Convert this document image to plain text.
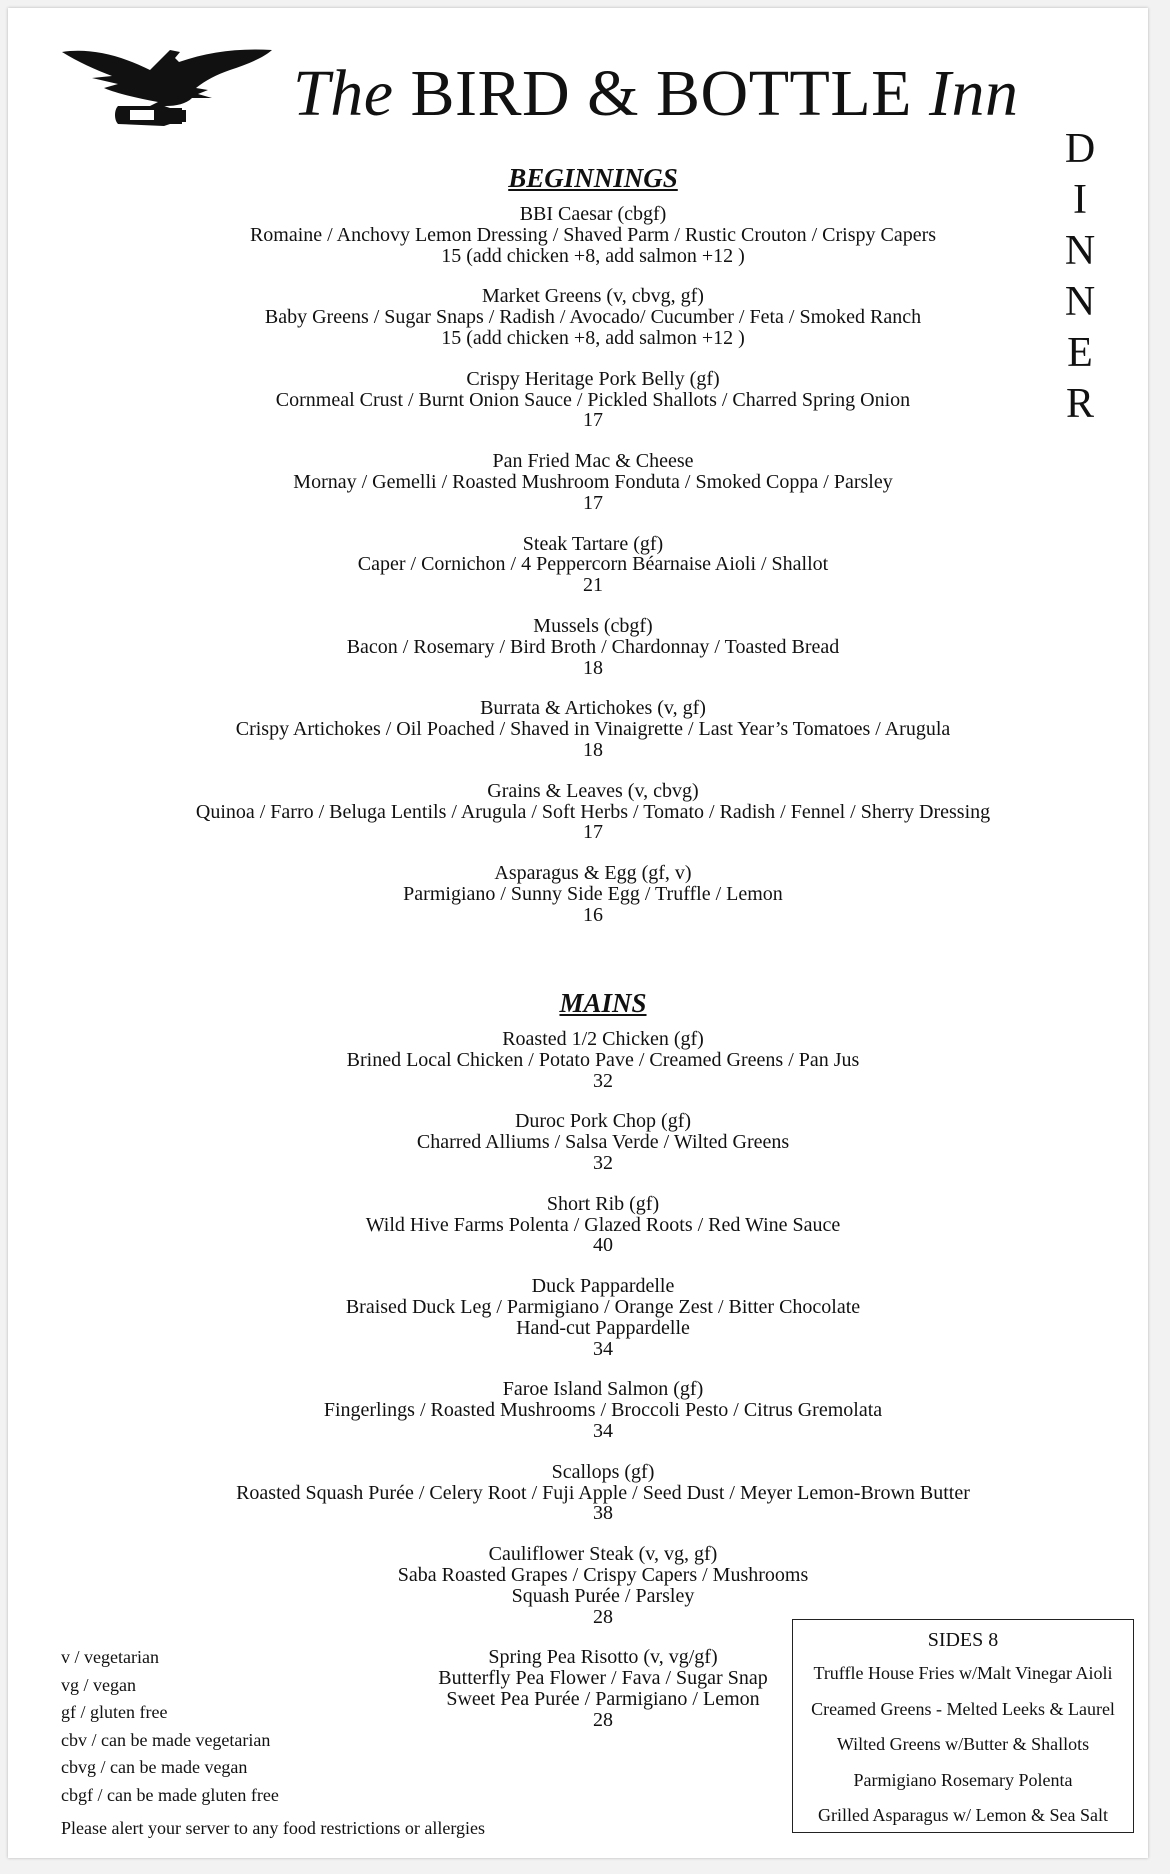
The BIRD & BOTTLE Inn
D
I
N
N
E
R
BEGINNINGS
BBI Caesar (cbgf)
Romaine / Anchovy Lemon Dressing / Shaved Parm / Rustic Crouton / Crispy Capers
15 (add chicken +8, add salmon +12 )
Market Greens (v, cbvg, gf)
Baby Greens / Sugar Snaps / Radish / Avocado/ Cucumber / Feta / Smoked Ranch
15 (add chicken +8, add salmon +12 )
Crispy Heritage Pork Belly (gf)
Cornmeal Crust / Burnt Onion Sauce / Pickled Shallots / Charred Spring Onion
17
Pan Fried Mac & Cheese
Mornay / Gemelli / Roasted Mushroom Fonduta / Smoked Coppa / Parsley
17
Steak Tartare (gf)
Caper / Cornichon / 4 Peppercorn Béarnaise Aioli / Shallot
21
Mussels (cbgf)
Bacon / Rosemary / Bird Broth / Chardonnay / Toasted Bread
18
Burrata & Artichokes (v, gf)
Crispy Artichokes / Oil Poached / Shaved in Vinaigrette / Last Year’s Tomatoes / Arugula
18
Grains & Leaves (v, cbvg)
Quinoa / Farro / Beluga Lentils / Arugula / Soft Herbs / Tomato / Radish / Fennel / Sherry Dressing
17
Asparagus & Egg (gf, v)
Parmigiano / Sunny Side Egg / Truffle / Lemon
16
MAINS
Roasted 1/2 Chicken (gf)
Brined Local Chicken / Potato Pave / Creamed Greens / Pan Jus
32
Duroc Pork Chop (gf)
Charred Alliums / Salsa Verde / Wilted Greens
32
Short Rib (gf)
Wild Hive Farms Polenta / Glazed Roots / Red Wine Sauce
40
Duck Pappardelle
Braised Duck Leg / Parmigiano / Orange Zest / Bitter Chocolate
Hand-cut Pappardelle
34
Faroe Island Salmon (gf)
Fingerlings / Roasted Mushrooms / Broccoli Pesto / Citrus Gremolata
34
Scallops (gf)
Roasted Squash Purée / Celery Root / Fuji Apple / Seed Dust / Meyer Lemon-Brown Butter
38
Cauliflower Steak (v, vg, gf)
Saba Roasted Grapes / Crispy Capers / Mushrooms
Squash Purée / Parsley
28
Spring Pea Risotto (v, vg/gf)
Butterfly Pea Flower / Fava / Sugar Snap
Sweet Pea Purée / Parmigiano / Lemon
28
v / vegetarian
vg / vegan
gf / gluten free
cbv / can be made vegetarian
cbvg / can be made vegan
cbgf / can be made gluten free
Please alert your server to any food restrictions or allergies
SIDES 8
Truffle House Fries w/Malt Vinegar Aioli
Creamed Greens - Melted Leeks & Laurel
Wilted Greens w/Butter & Shallots
Parmigiano Rosemary Polenta
Grilled Asparagus w/ Lemon & Sea Salt
